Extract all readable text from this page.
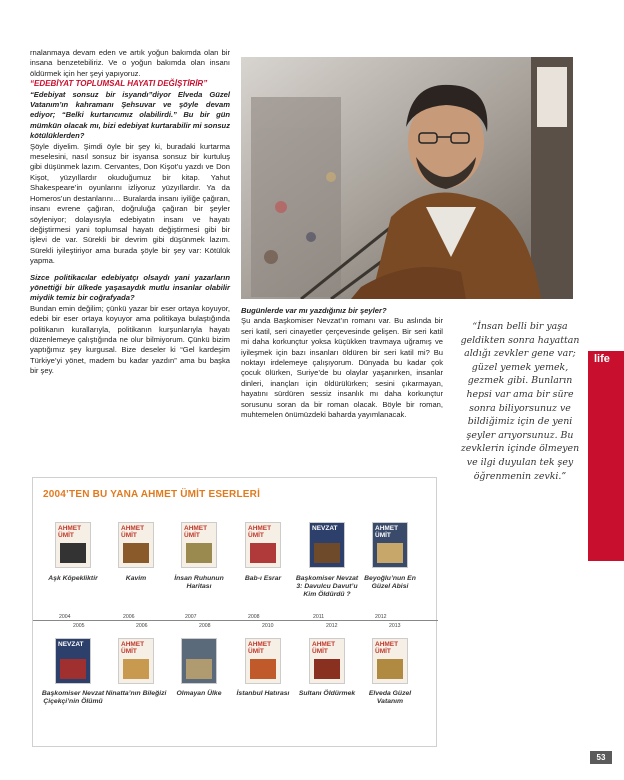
rnalanmaya devam eden ve artık yoğun bakımda olan bir insana benzetebiliriz. Ve o yoğun bakımda olan insanı öldürmek için her şeyi yapıyoruz.

“EDEBİYAT TOPLUMSAL HAYATI DEĞİŞTİRİR”

“Edebiyat sonsuz bir isyandı”diyor Elveda Güzel Vatanım’ın kahramanı Şehsuvar ve şöyle devam ediyor; “Belki kurtarıcımız olabilirdi.” Bu bir gün mümkün olacak mı, bizi edebiyat kurtarabilir mi sonsuz kötülüklerden?

Şöyle diyelim. Şimdi öyle bir şey ki, buradaki kurtarma meselesini, nasıl sonsuz bir isyansa sonsuz bir kurtuluş gibi düşünmek lazım. Cervantes, Don Kişot’u yazdı ve Don Kişot, yüzyıllardır okuduğumuz bir kitap. Yahut Shakespeare’in oyunlarını izliyoruz yüzyıllardır. Ya da Homeros’un destanlarını… Buralarda insanı iyiliğe çağıran, insanı evrene çağıran, doğruluğa çağıran bir şeyler söyleniyor; dolayısıyla edebiyatın insanı ve hayatı değiştirmesi yani toplumsal hayatı değiştirmesi gibi bir işlevi de var. Sürekli bir devrim gibi düşünmek lazım. Sürekli iyileştiriyor ama burada şöyle bir şey var: Kötülük yapma.

Sizce politikacılar edebiyatçı olsaydı yani yazarların yönettiği bir ülkede yaşasaydık mutlu insanlar olabilir miydik temiz bir coğrafyada?

Bundan emin değilim; çünkü yazar bir eser ortaya koyuyor, edebi bir eser ortaya koyuyor ama politikaya bulaştığında politikanın kurallarıyla, politikanın kurşunlarıyla hayatı düzenlemeye çalıştığında ne olur bilmiyorum. Çünkü bizim yaptığımız şey kurgusal. Bize deseler ki “Gel kardeşim Türkiye’yi yönet, madem bu kadar yazdın” ama bu başka bir şey.

Bugünlerde var mı yazdığınız bir şeyler?

Şu anda Başkomiser Nevzat’ın romanı var. Bu aslında bir seri katil, seri cinayetler çerçevesinde gelişen. Bir seri katil mi daha korkunçtur yoksa küçükken travmaya uğramış ve iyileşmek için bazı insanları öldüren bir seri katil mi? Bu noktayı irdelemeye çalışıyorum. Dünyada bu kadar çok çocuk ölürken, Suriye’de bu olaylar yaşanırken, insanlar dinleri, inançları için öldürülürken; sesini çıkarmayan, hayatını sürdüren sessiz insanlık mı daha korkunçtur sorusunu soran da bir roman olacak. Böyle bir roman, muhtemelen önümüzdeki baharda yayımlanacak.

“İnsan belli bir yaşa geldikten sonra hayattan aldığı zevkler gene var; güzel yemek yemek, gezmek gibi. Bunların hepsi var ama bir süre sonra biliyorsunuz ve bildiğimiz için de yeni şeyler arıyorsunuz. Bu zevklerin içinde ölmeyen ve ilgi duyulan tek şey öğrenmenin zevki.”
life
2004’TEN BU YANA AHMET ÜMİT ESERLERİ
AHMET ÜMİT
AHMET ÜMİT
AHMET ÜMİT
AHMET ÜMİT
NEVZAT	AHMET ÜMİT
Aşk Köpekliktir	Kavim	İnsan Ruhunun Haritası
Bab-ı Esrar	Başkomiser Nevzat 3: Davulcu Davut’u Kim Öldürdü ?
Beyoğlu’nun En Güzel Abisi
2004	2006	2007	2008	2011	2012
2005	2006	2008	2010	2012	2013
NEVZAT	AHMET ÜMİT
AHMET ÜMİT
AHMET ÜMİT
AHMET ÜMİT
Başkomiser Nevzat Çiçekçi’nin Ölümü
Ninatta’nın Bileğizi	Olmayan Ülke	İstanbul Hatırası	Sultanı Öldürmek	Elveda Güzel Vatanım
53
